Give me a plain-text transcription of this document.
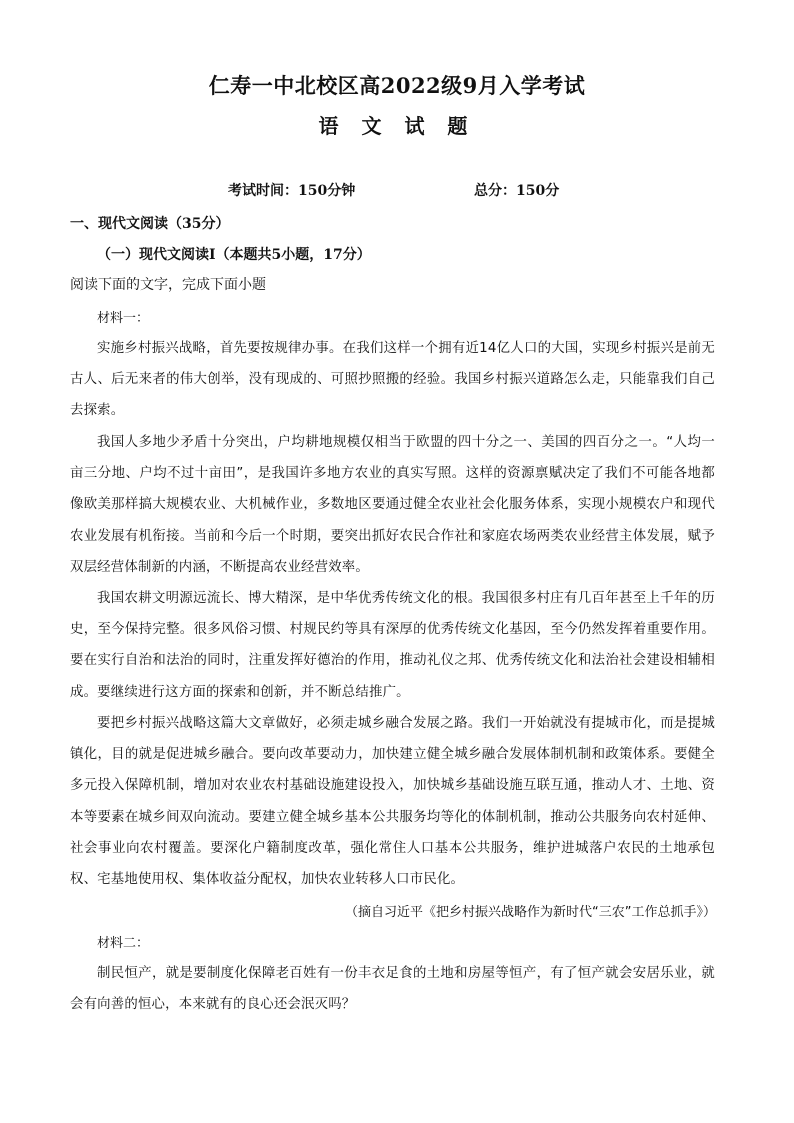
仁寿一中北校区高2022级9月入学考试
语 文 试 题
考试时间：150分钟	总分：150分
一、现代文阅读（35分）
（一）现代文阅读Ⅰ（本题共5小题，17分）
阅读下面的文字，完成下面小题
材料一：
实施乡村振兴战略，首先要按规律办事。在我们这样一个拥有近14亿人口的大国，实现乡村振兴是前无古人、后无来者的伟大创举，没有现成的、可照抄照搬的经验。我国乡村振兴道路怎么走，只能靠我们自己去探索。
我国人多地少矛盾十分突出，户均耕地规模仅相当于欧盟的四十分之一、美国的四百分之一。“人均一亩三分地、户均不过十亩田”，是我国许多地方农业的真实写照。这样的资源禀赋决定了我们不可能各地都像欧美那样搞大规模农业、大机械作业，多数地区要通过健全农业社会化服务体系，实现小规模农户和现代农业发展有机衔接。当前和今后一个时期，要突出抓好农民合作社和家庭农场两类农业经营主体发展，赋予双层经营体制新的内涵，不断提高农业经营效率。
我国农耕文明源远流长、博大精深，是中华优秀传统文化的根。我国很多村庄有几百年甚至上千年的历史，至今保持完整。很多风俗习惯、村规民约等具有深厚的优秀传统文化基因，至今仍然发挥着重要作用。要在实行自治和法治的同时，注重发挥好德治的作用，推动礼仪之邦、优秀传统文化和法治社会建设相辅相成。要继续进行这方面的探索和创新，并不断总结推广。
要把乡村振兴战略这篇大文章做好，必须走城乡融合发展之路。我们一开始就没有提城市化，而是提城镇化，目的就是促进城乡融合。要向改革要动力，加快建立健全城乡融合发展体制机制和政策体系。要健全多元投入保障机制，增加对农业农村基础设施建设投入，加快城乡基础设施互联互通，推动人才、土地、资本等要素在城乡间双向流动。要建立健全城乡基本公共服务均等化的体制机制，推动公共服务向农村延伸、社会事业向农村覆盖。要深化户籍制度改革，强化常住人口基本公共服务，维护进城落户农民的土地承包权、宅基地使用权、集体收益分配权，加快农业转移人口市民化。
（摘自习近平《把乡村振兴战略作为新时代“三农”工作总抓手》）
材料二：
制民恒产，就是要制度化保障老百姓有一份丰衣足食的土地和房屋等恒产，有了恒产就会安居乐业，就会有向善的恒心，本来就有的良心还会泯灭吗？
